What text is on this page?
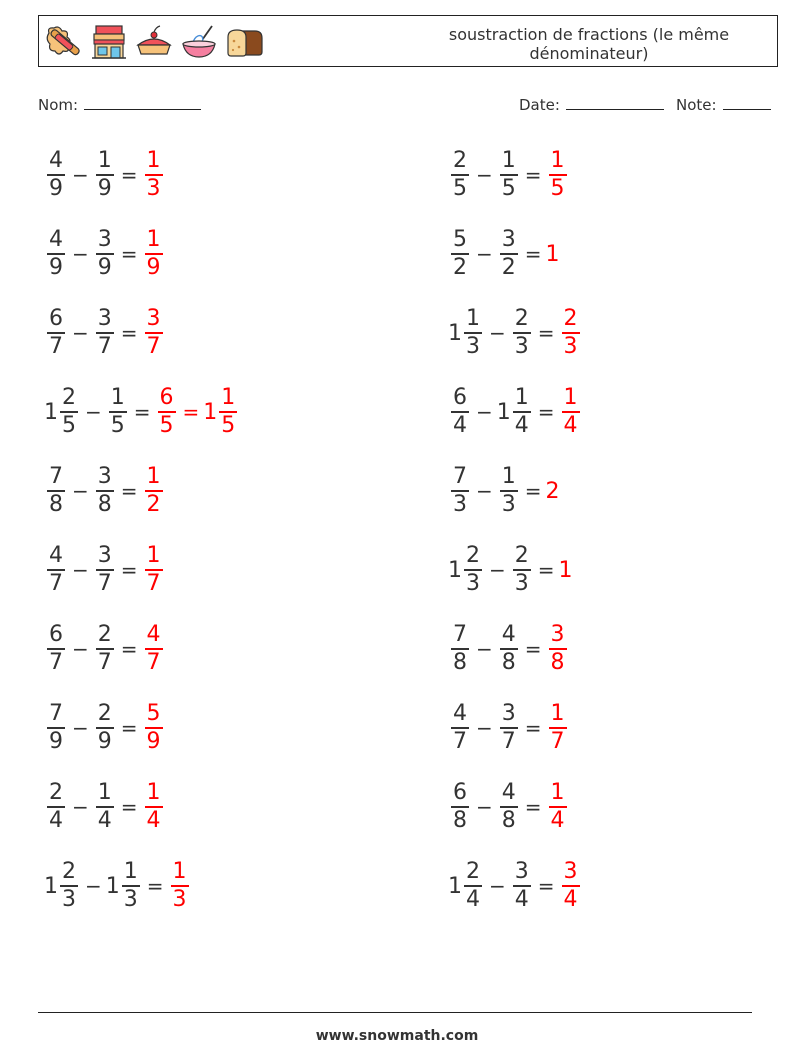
soustraction de fractions (le même dénominateur)
Nom:	Date:	Note:
$\frac{4}{9} - \frac{1}{9} = \frac{1}{3}$	$\frac{2}{5} - \frac{1}{5} = \frac{1}{5}$
$\frac{4}{9} - \frac{3}{9} = \frac{1}{9}$	$\frac{5}{2} - \frac{3}{2} = 1$
$\frac{6}{7} - \frac{3}{7} = \frac{3}{7}$	$1 \frac{1}{3} - \frac{2}{3} = \frac{2}{3}$
$1 \frac{2}{5} - \frac{1}{5} = \frac{6}{5} = 1 \frac{1}{5}$	$\frac{6}{4} - 1 \frac{1}{4} = \frac{1}{4}$
$\frac{7}{8} - \frac{3}{8} = \frac{1}{2}$	$\frac{7}{3} - \frac{1}{3} = 2$
$\frac{4}{7} - \frac{3}{7} = \frac{1}{7}$	$1 \frac{2}{3} - \frac{2}{3} = 1$
$\frac{6}{7} - \frac{2}{7} = \frac{4}{7}$	$\frac{7}{8} - \frac{4}{8} = \frac{3}{8}$
$\frac{7}{9} - \frac{2}{9} = \frac{5}{9}$	$\frac{4}{7} - \frac{3}{7} = \frac{1}{7}$
$\frac{2}{4} - \frac{1}{4} = \frac{1}{4}$	$\frac{6}{8} - \frac{4}{8} = \frac{1}{4}$
$1 \frac{2}{3} - 1 \frac{1}{3} = \frac{1}{3}$	$1 \frac{2}{4} - \frac{3}{4} = \frac{3}{4}$
www.snowmath.com
